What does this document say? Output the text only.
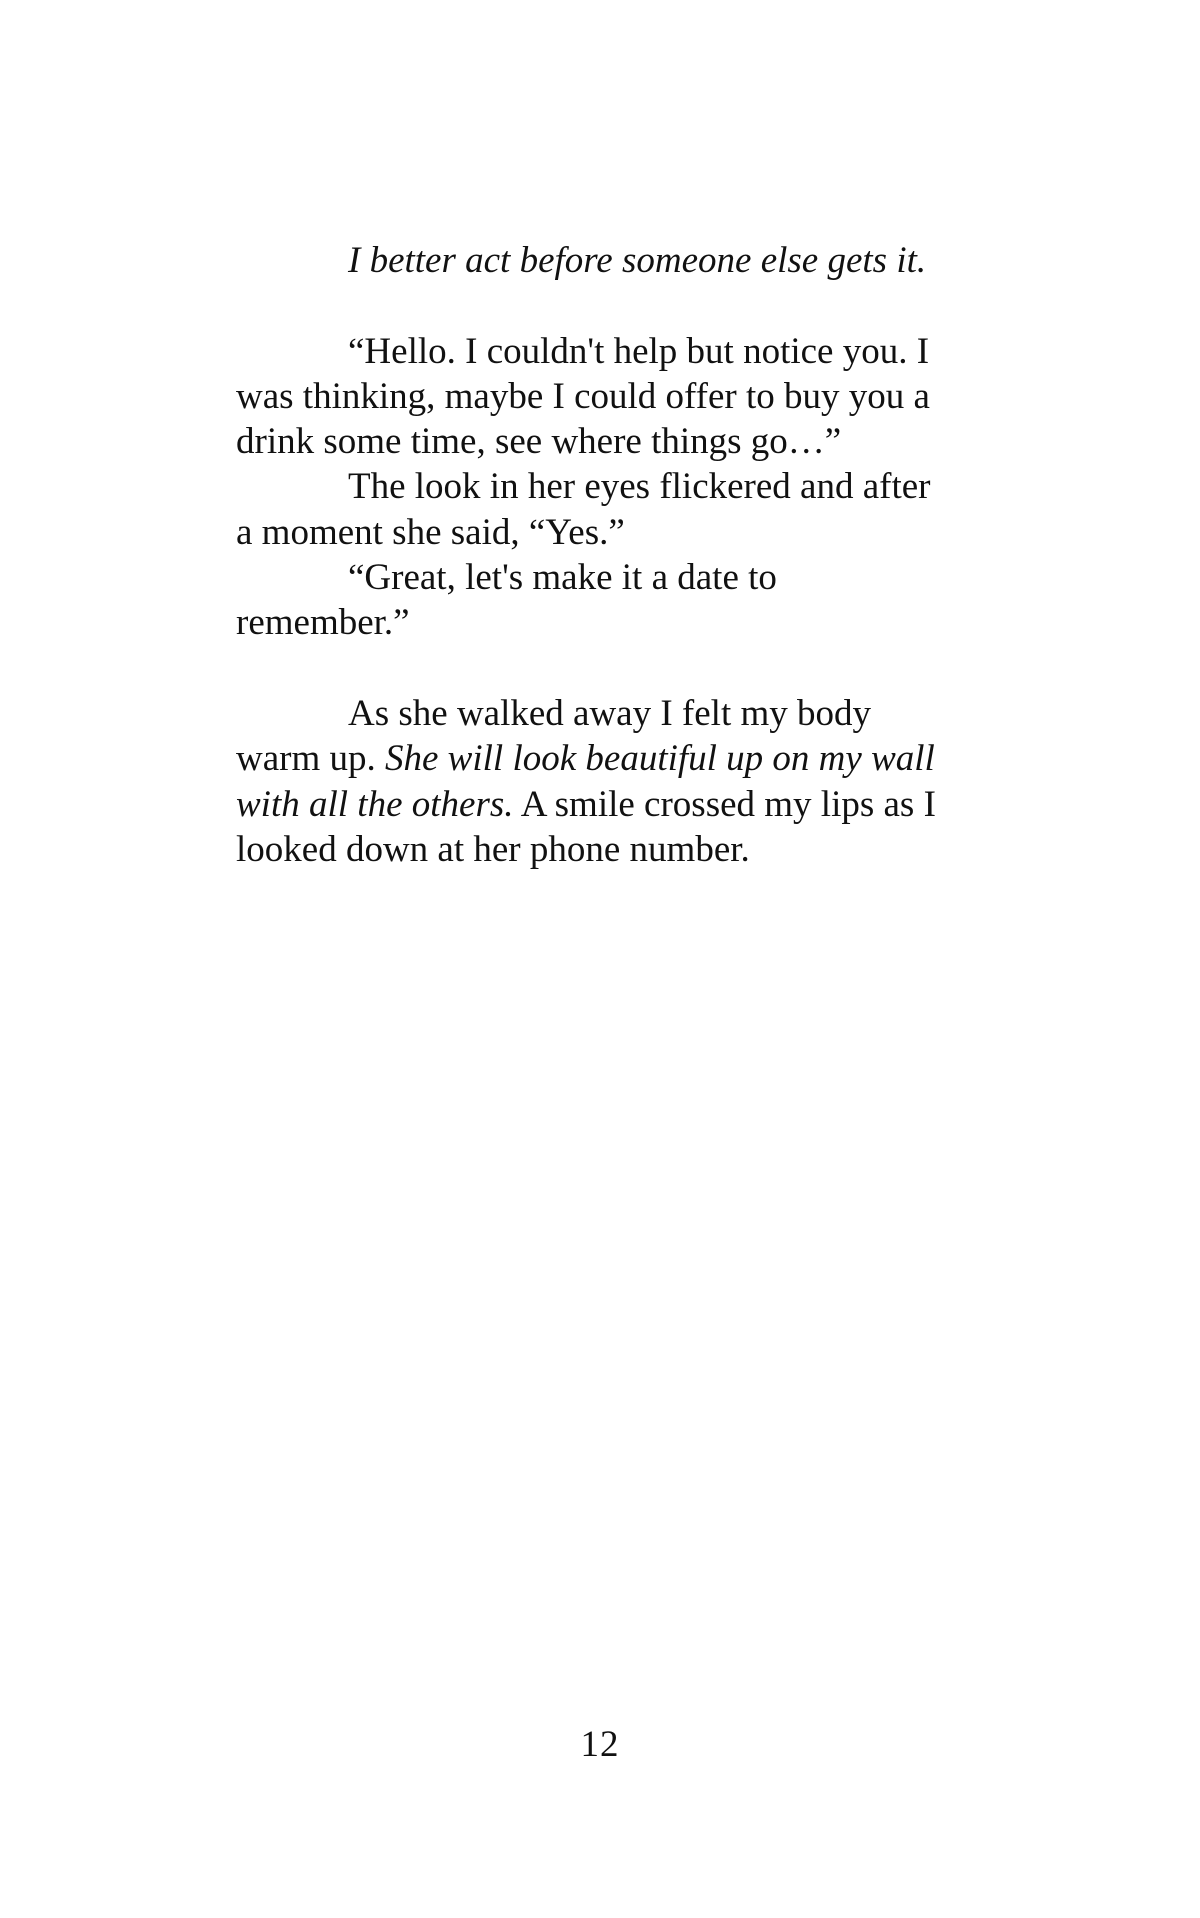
I better act before someone else gets it.

“Hello. I couldn't help but notice you. I was thinking, maybe I could offer to buy you a drink some time, see where things go…”

The look in her eyes flickered and after a moment she said, “Yes.”

“Great, let's make it a date to remember.”

As she walked away I felt my body warm up. She will look beautiful up on my wall with all the others. A smile crossed my lips as I looked down at her phone number.

12
